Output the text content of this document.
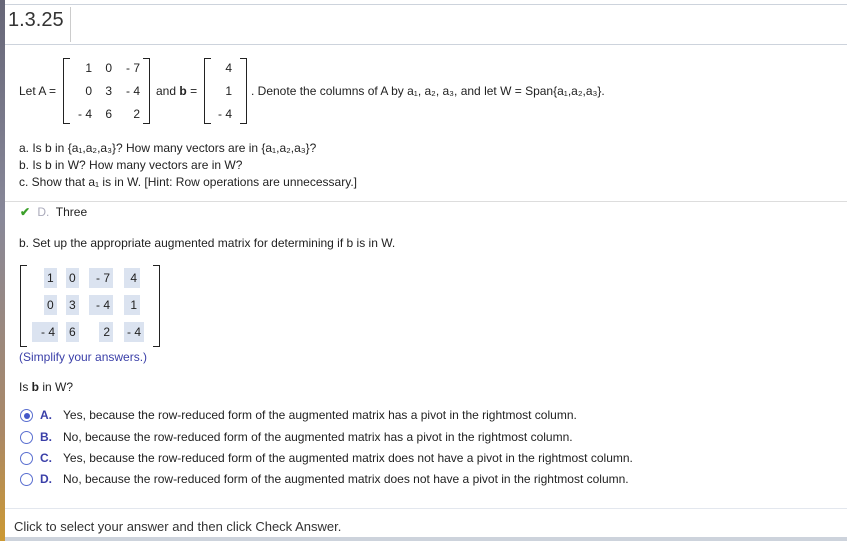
1.3.25
Let A =
1	0	- 7
0	3	- 4
- 4	6	2
and b =
4
1
- 4
. Denote the columns of A by a₁, a₂, a₃, and let W = Span{a₁,a₂,a₃}.
a. Is b in {a₁,a₂,a₃}? How many vectors are in {a₁,a₂,a₃}?
b. Is b in W? How many vectors are in W?
c. Show that a₁ is in W. [Hint: Row operations are unnecessary.]
✔ D. Three
b. Set up the appropriate augmented matrix for determining if b is in W.
1 0	- 7	4
0 3	- 4	1
- 4 6	2 - 4
(Simplify your answers.)
Is b in W?
A. Yes, because the row-reduced form of the augmented matrix has a pivot in the rightmost column.
B. No, because the row-reduced form of the augmented matrix has a pivot in the rightmost column.
C. Yes, because the row-reduced form of the augmented matrix does not have a pivot in the rightmost column.
D. No, because the row-reduced form of the augmented matrix does not have a pivot in the rightmost column.
Click to select your answer and then click Check Answer.
